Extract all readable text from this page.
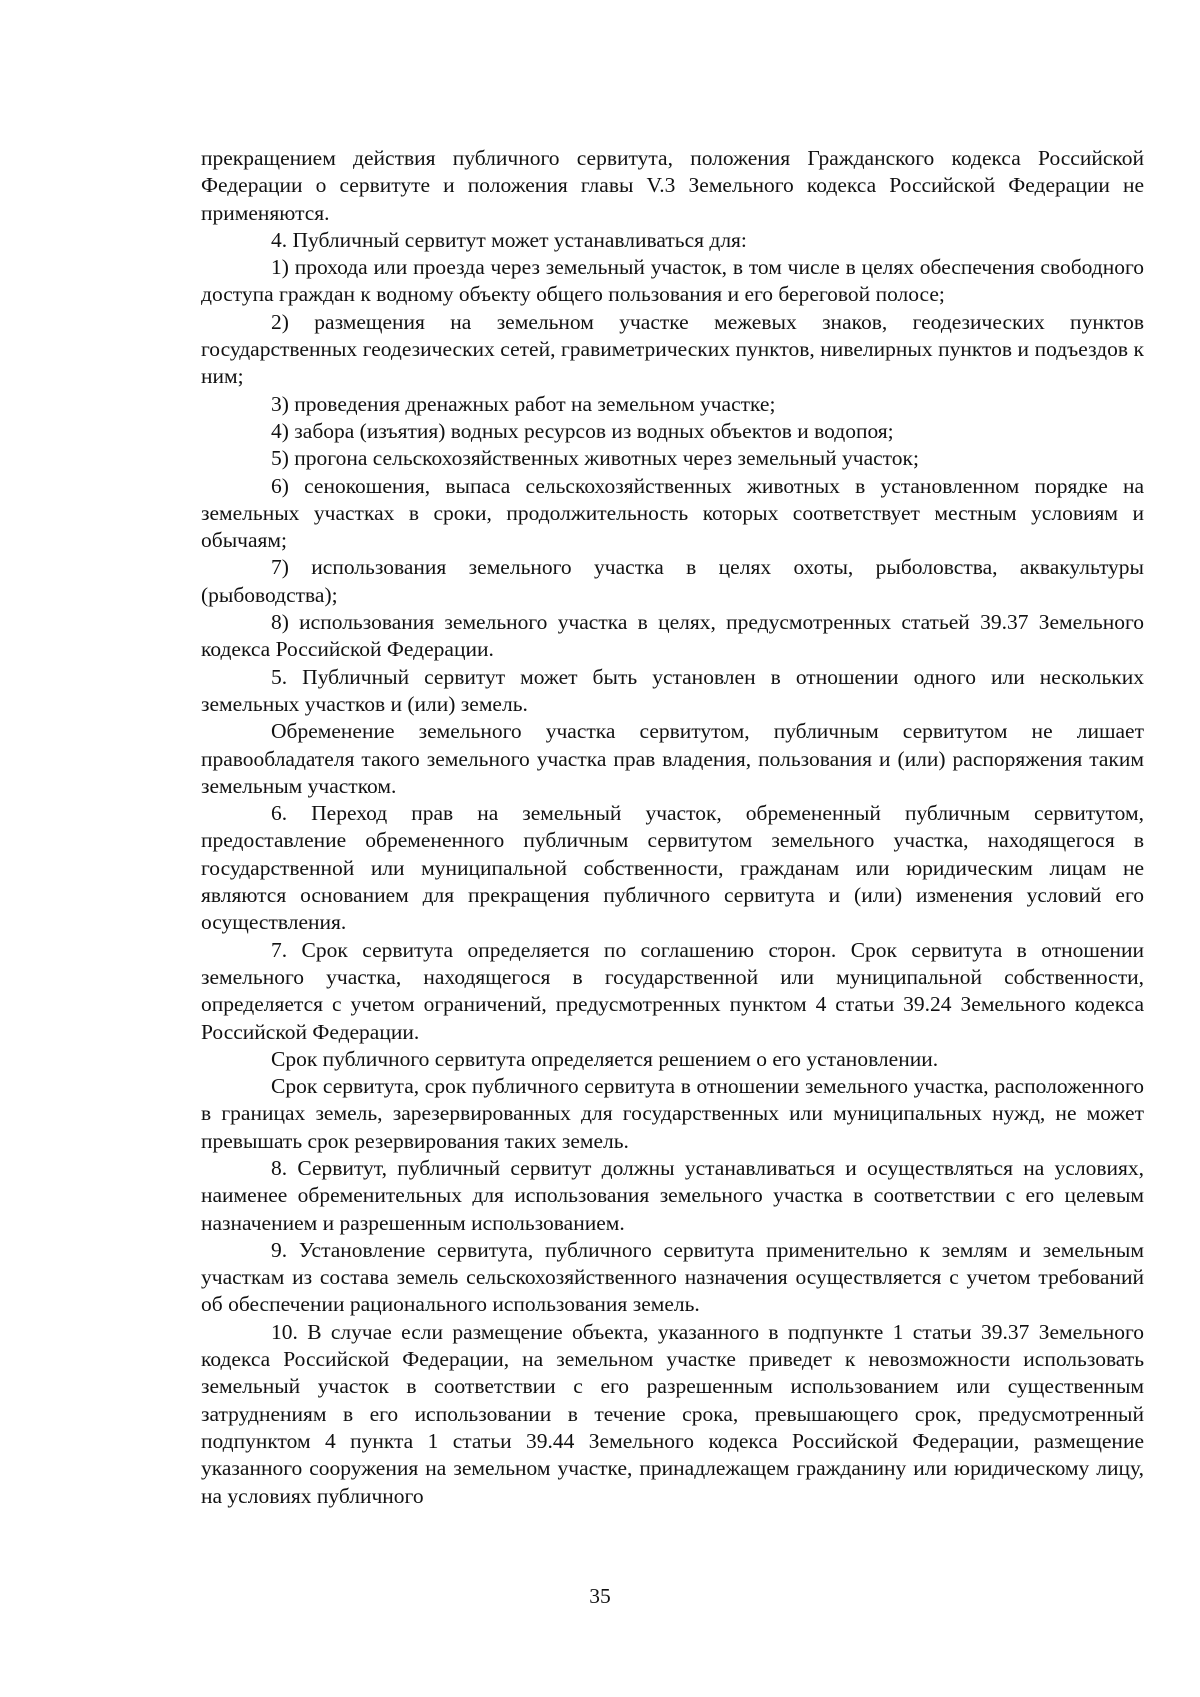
прекращением действия публичного сервитута, положения Гражданского кодекса Российской Федерации о сервитуте и положения главы V.3 Земельного кодекса Российской Федерации не применяются.

4. Публичный сервитут может устанавливаться для:

1) прохода или проезда через земельный участок, в том числе в целях обеспечения свободного доступа граждан к водному объекту общего пользования и его береговой полосе;

2) размещения на земельном участке межевых знаков, геодезических пунктов государственных геодезических сетей, гравиметрических пунктов, нивелирных пунктов и подъездов к ним;

3) проведения дренажных работ на земельном участке;

4) забора (изъятия) водных ресурсов из водных объектов и водопоя;

5) прогона сельскохозяйственных животных через земельный участок;

6) сенокошения, выпаса сельскохозяйственных животных в установленном порядке на земельных участках в сроки, продолжительность которых соответствует местным условиям и обычаям;

7) использования земельного участка в целях охоты, рыболовства, аквакультуры (рыбоводства);

8) использования земельного участка в целях, предусмотренных статьей 39.37 Земельного кодекса Российской Федерации.

5. Публичный сервитут может быть установлен в отношении одного или нескольких земельных участков и (или) земель.

Обременение земельного участка сервитутом, публичным сервитутом не лишает правообладателя такого земельного участка прав владения, пользования и (или) распоряжения таким земельным участком.

6. Переход прав на земельный участок, обремененный публичным сервитутом, предоставление обремененного публичным сервитутом земельного участка, находящегося в государственной или муниципальной собственности, гражданам или юридическим лицам не являются основанием для прекращения публичного сервитута и (или) изменения условий его осуществления.

7. Срок сервитута определяется по соглашению сторон. Срок сервитута в отношении земельного участка, находящегося в государственной или муниципальной собственности, определяется с учетом ограничений, предусмотренных пунктом 4 статьи 39.24 Земельного кодекса Российской Федерации.

Срок публичного сервитута определяется решением о его установлении.

Срок сервитута, срок публичного сервитута в отношении земельного участка, расположенного в границах земель, зарезервированных для государственных или муниципальных нужд, не может превышать срок резервирования таких земель.

8. Сервитут, публичный сервитут должны устанавливаться и осуществляться на условиях, наименее обременительных для использования земельного участка в соответствии с его целевым назначением и разрешенным использованием.

9. Установление сервитута, публичного сервитута применительно к землям и земельным участкам из состава земель сельскохозяйственного назначения осуществляется с учетом требований об обеспечении рационального использования земель.

10. В случае если размещение объекта, указанного в подпункте 1 статьи 39.37 Земельного кодекса Российской Федерации, на земельном участке приведет к невозможности использовать земельный участок в соответствии с его разрешенным использованием или существенным затруднениям в его использовании в течение срока, превышающего срок, предусмотренный подпунктом 4 пункта 1 статьи 39.44 Земельного кодекса Российской Федерации, размещение указанного сооружения на земельном участке, принадлежащем гражданину или юридическому лицу, на условиях публичного

35
